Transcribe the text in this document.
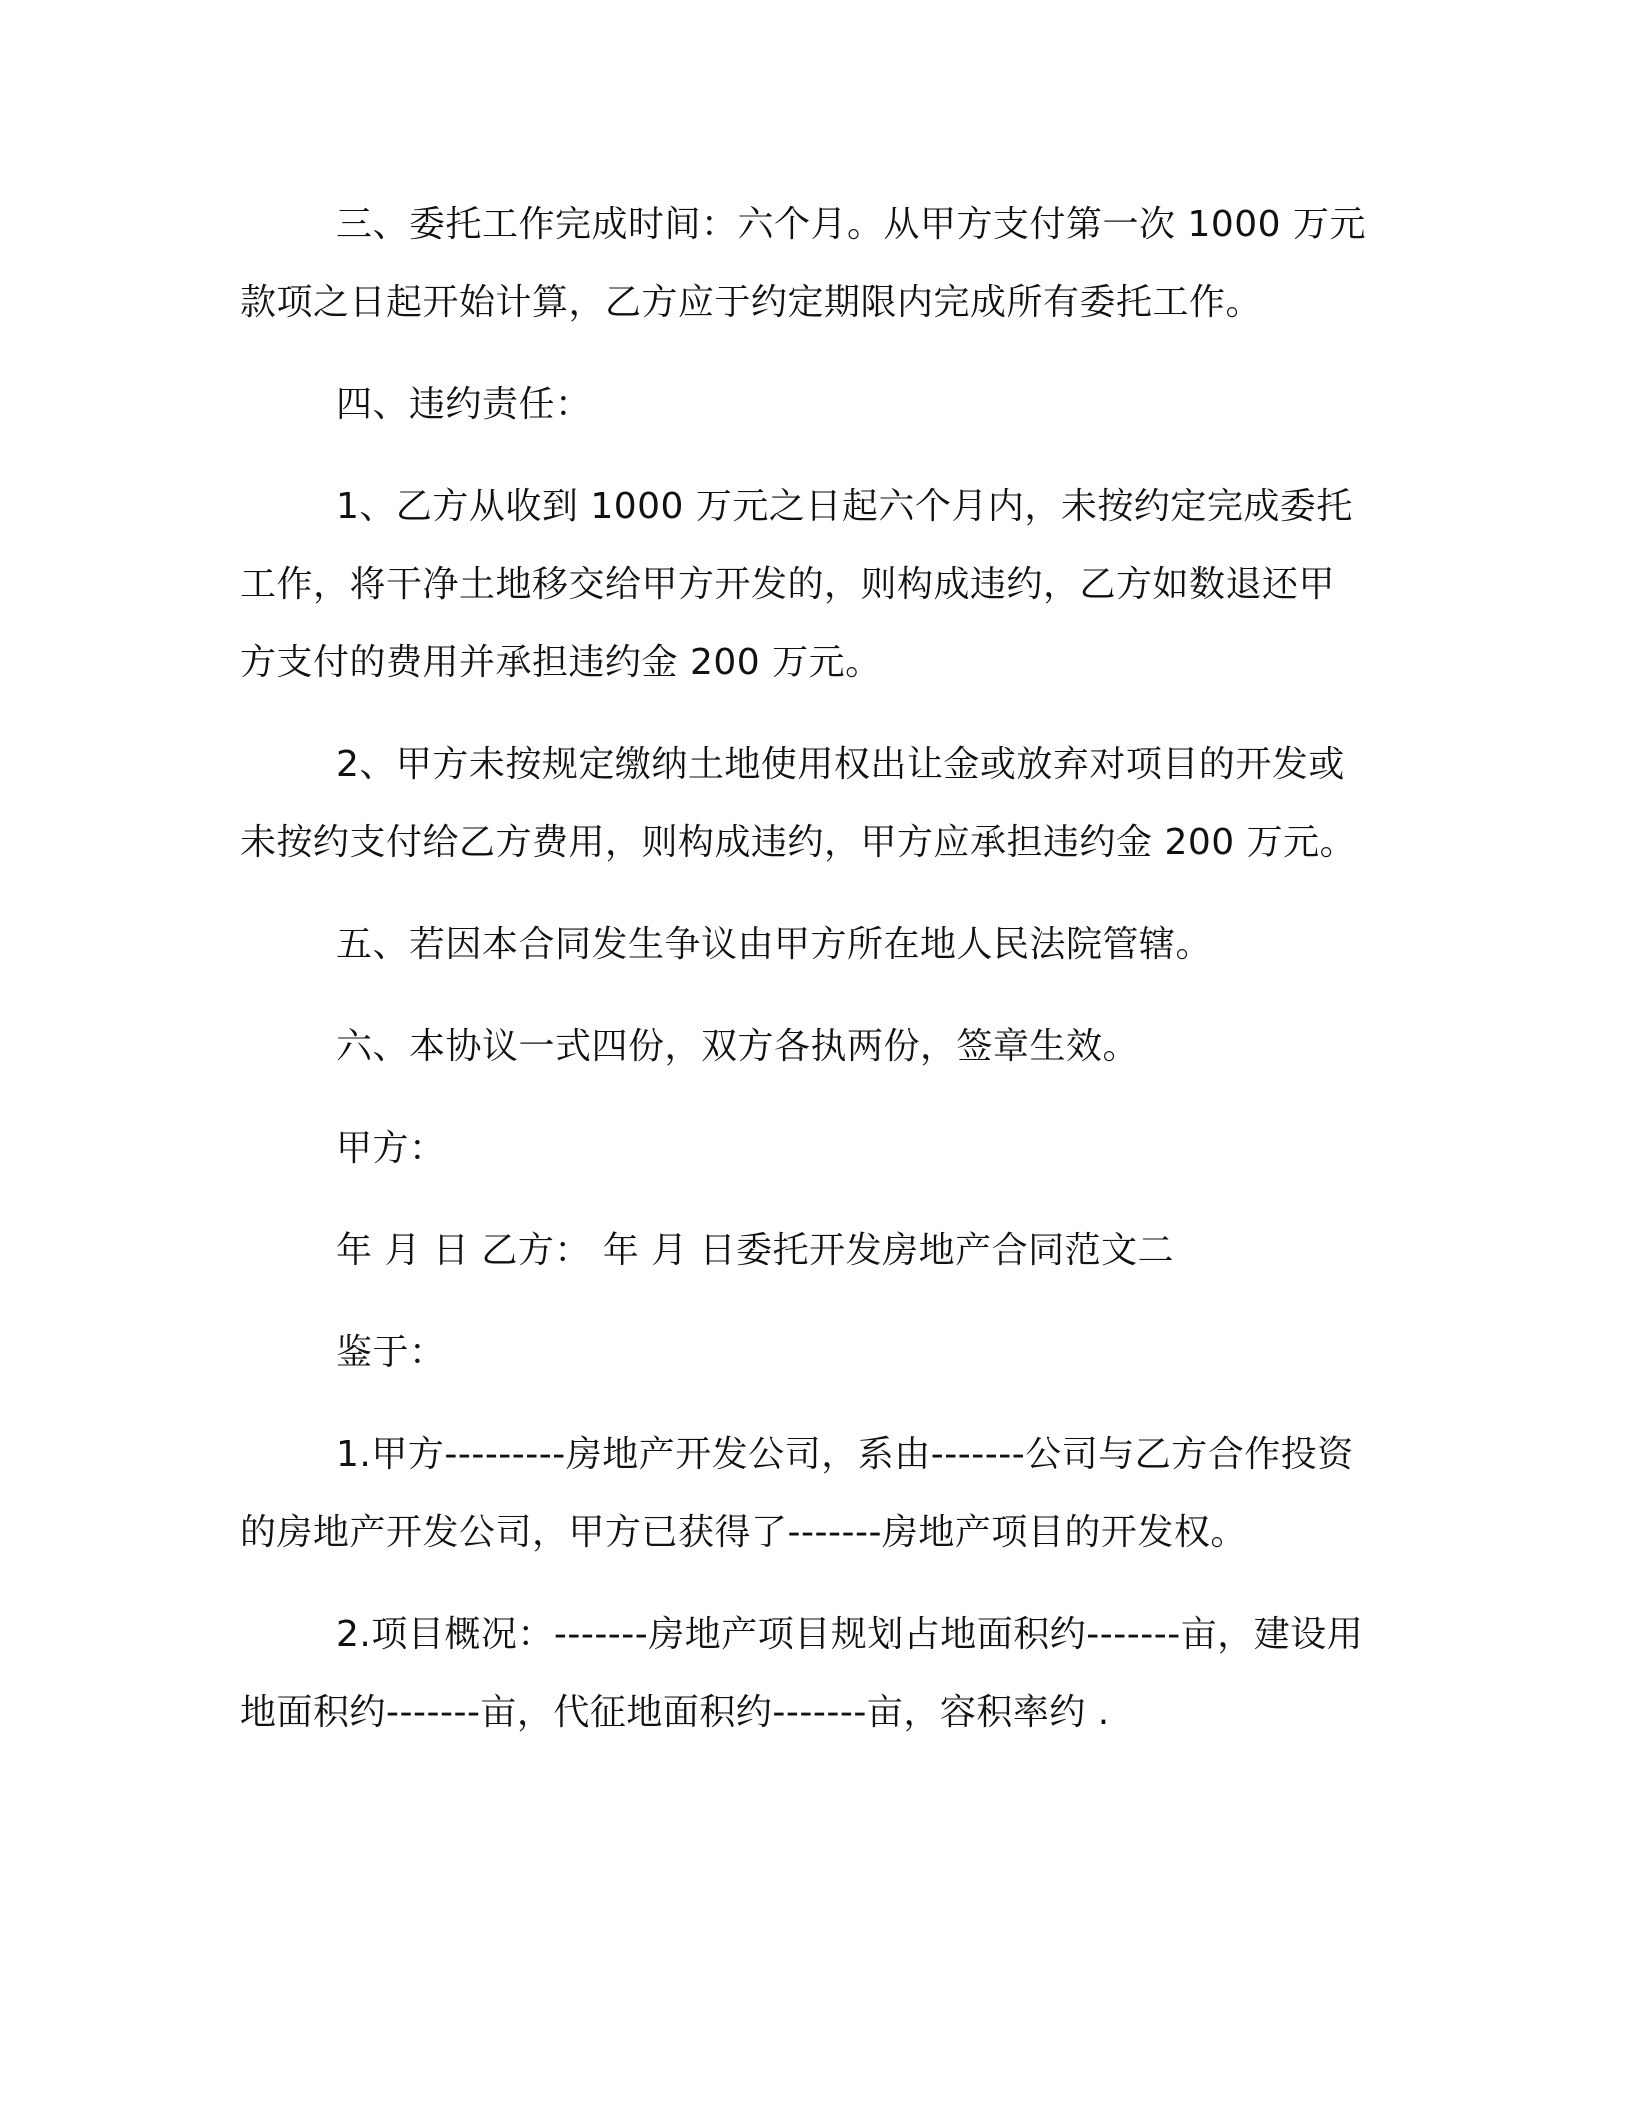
三、委托工作完成时间：六个月。从甲方支付第一次 1000 万元款项之日起开始计算，乙方应于约定期限内完成所有委托工作。

四、违约责任：

1、乙方从收到 1000 万元之日起六个月内，未按约定完成委托工作，将干净土地移交给甲方开发的，则构成违约，乙方如数退还甲方支付的费用并承担违约金 200 万元。

2、甲方未按规定缴纳土地使用权出让金或放弃对项目的开发或未按约支付给乙方费用，则构成违约，甲方应承担违约金 200 万元。

五、若因本合同发生争议由甲方所在地人民法院管辖。

六、本协议一式四份，双方各执两份，签章生效。

甲方：

年 月 日 乙方： 年 月 日委托开发房地产合同范文二

鉴于：

1.甲方---------房地产开发公司，系由-------公司与乙方合作投资的房地产开发公司，甲方已获得了-------房地产项目的开发权。

2.项目概况：-------房地产项目规划占地面积约-------亩，建设用地面积约-------亩，代征地面积约-------亩，容积率约 .
